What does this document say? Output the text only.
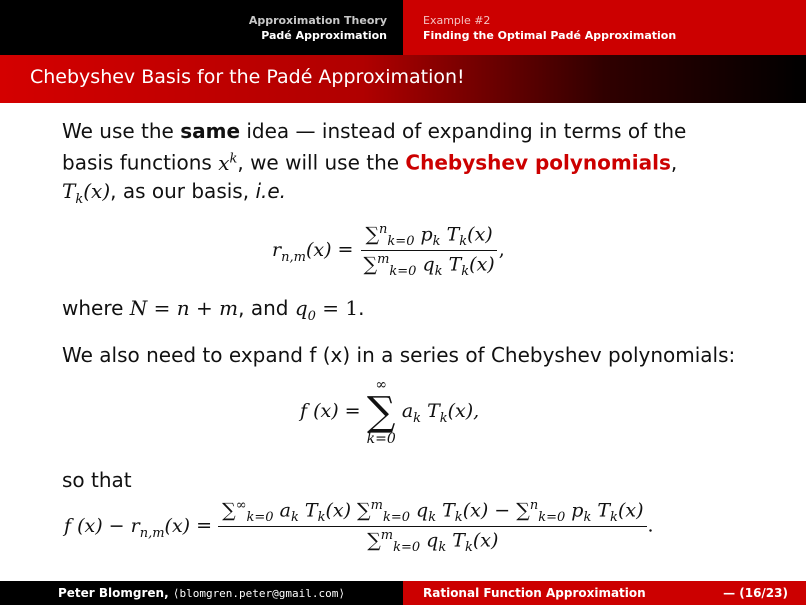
Approximation Theory
Padé Approximation
Example #2
Finding the Optimal Padé Approximation
Chebyshev Basis for the Padé Approximation!
We use the same idea — instead of expanding in terms of the basis functions $x^k$, we will use the Chebyshev polynomials, $T_k(x)$, as our basis, i.e.
$r_{n,m}(x) = \frac{\sum^n_{k=0} p_k T_k(x)}{\sum^m_{k=0} q_k T_k(x)}$ ,
where N = n + m, and $q_0 = 1$.
We also need to expand f (x) in a series of Chebyshev polynomials:
f (x) =
∞
∑
k=0
$a_k$ $T_k(x)$,
so that
f $(x) - r_{n,m}(x) = \frac{\sum^\infty_{k=0} a_k T_k(x) \sum^m_{k=0} q_k T_k(x) - \sum^n_{k=0} p_k T_k(x)}{\sum^m_{k=0} q_k T_k(x)}$ .
Peter Blomgren, ⟨blomgren.peter@gmail.com⟩	Rational Function Approximation	— (16/23)
